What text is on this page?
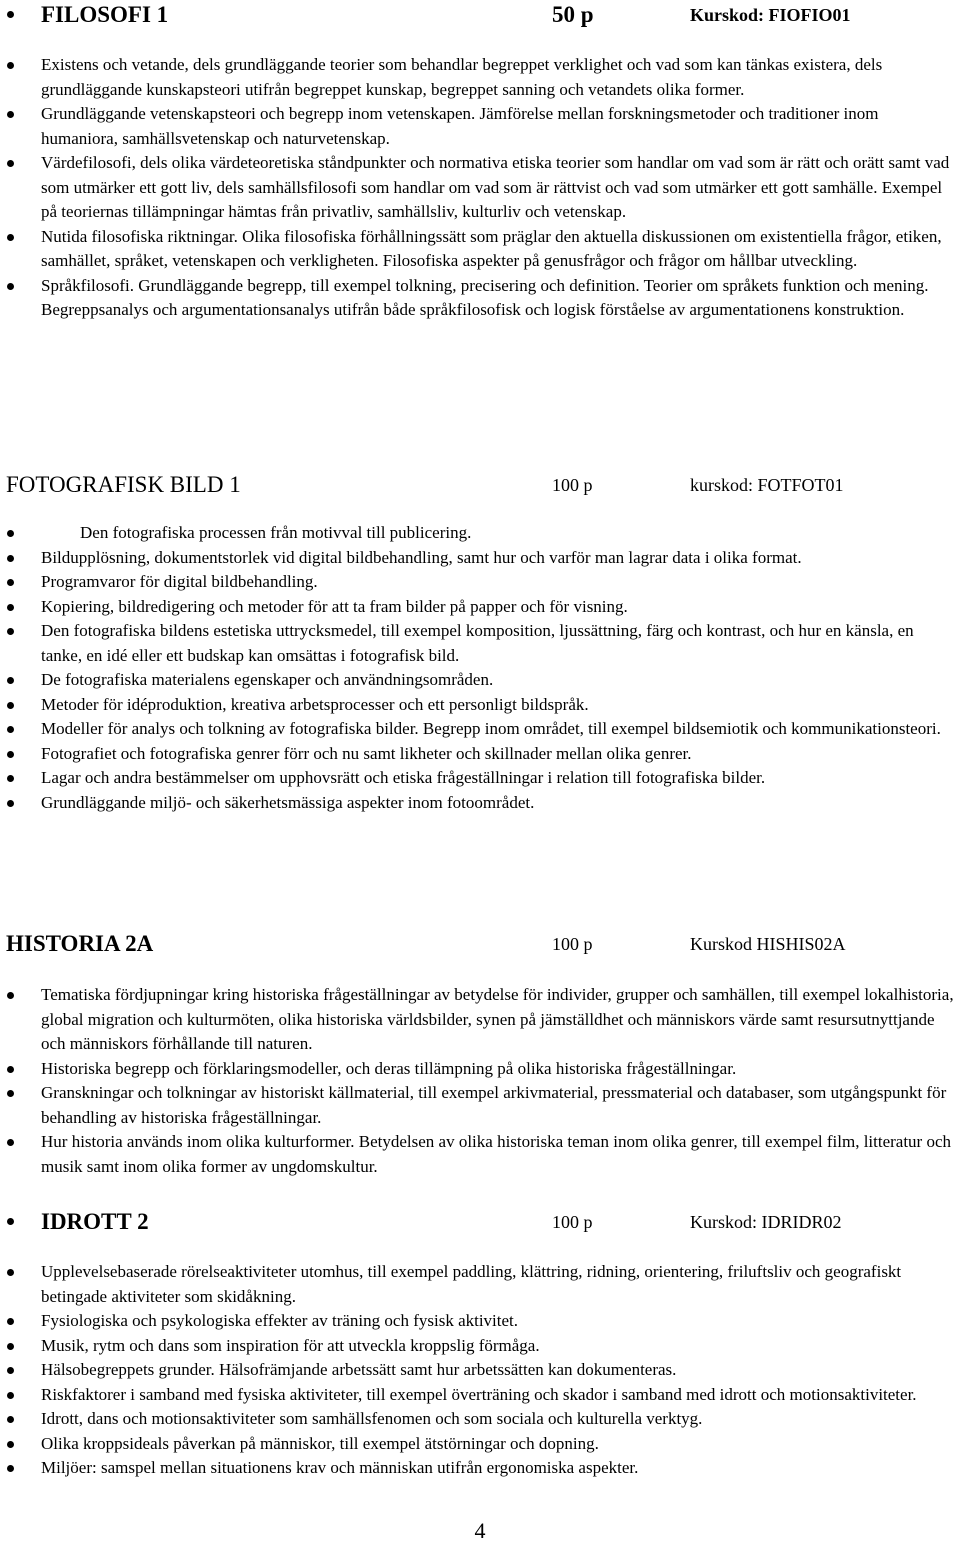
FILOSOFI 1	50 p	Kurskod: FIOFIO01
Existens och vetande, dels grundläggande teorier som behandlar begreppet verklighet och vad som kan tänkas existera, dels grundläggande kunskapsteori utifrån begreppet kunskap, begreppet sanning och vetandets olika former.
Grundläggande vetenskapsteori och begrepp inom vetenskapen. Jämförelse mellan forskningsmetoder och traditioner inom humaniora, samhällsvetenskap och naturvetenskap.
Värdefilosofi, dels olika värdeteoretiska ståndpunkter och normativa etiska teorier som handlar om vad som är rätt och orätt samt vad som utmärker ett gott liv, dels samhällsfilosofi som handlar om vad som är rättvist och vad som utmärker ett gott samhälle. Exempel på teoriernas tillämpningar hämtas från privatliv, samhällsliv, kulturliv och vetenskap.
Nutida filosofiska riktningar. Olika filosofiska förhållningssätt som präglar den aktuella diskussionen om existentiella frågor, etiken, samhället, språket, vetenskapen och verkligheten. Filosofiska aspekter på genusfrågor och frågor om hållbar utveckling.
Språkfilosofi. Grundläggande begrepp, till exempel tolkning, precisering och definition. Teorier om språkets funktion och mening. Begreppsanalys och argumentationsanalys utifrån både språkfilosofisk och logisk förståelse av argumentationens konstruktion.
FOTOGRAFISK BILD 1	100 p	kurskod: FOTFOT01
Den fotografiska processen från motivval till publicering.
Bildupplösning, dokumentstorlek vid digital bildbehandling, samt hur och varför man lagrar data i olika format.
Programvaror för digital bildbehandling.
Kopiering, bildredigering och metoder för att ta fram bilder på papper och för visning.
Den fotografiska bildens estetiska uttrycksmedel, till exempel komposition, ljussättning, färg och kontrast, och hur en känsla, en tanke, en idé eller ett budskap kan omsättas i fotografisk bild.
De fotografiska materialens egenskaper och användningsområden.
Metoder för idéproduktion, kreativa arbetsprocesser och ett personligt bildspråk.
Modeller för analys och tolkning av fotografiska bilder. Begrepp inom området, till exempel bildsemiotik och kommunikationsteori.
Fotografiet och fotografiska genrer förr och nu samt likheter och skillnader mellan olika genrer.
Lagar och andra bestämmelser om upphovsrätt och etiska frågeställningar i relation till fotografiska bilder.
Grundläggande miljö- och säkerhetsmässiga aspekter inom fotoområdet.
HISTORIA 2A	100 p	Kurskod HISHIS02A
Tematiska fördjupningar kring historiska frågeställningar av betydelse för individer, grupper och samhällen, till exempel lokalhistoria, global migration och kulturmöten, olika historiska världsbilder, synen på jämställdhet och människors värde samt resursutnyttjande och människors förhållande till naturen.
Historiska begrepp och förklaringsmodeller, och deras tillämpning på olika historiska frågeställningar.
Granskningar och tolkningar av historiskt källmaterial, till exempel arkivmaterial, pressmaterial och databaser, som utgångspunkt för behandling av historiska frågeställningar.
Hur historia används inom olika kulturformer. Betydelsen av olika historiska teman inom olika genrer, till exempel film, litteratur och musik samt inom olika former av ungdomskultur.
IDROTT 2	100 p	Kurskod: IDRIDR02
Upplevelsebaserade rörelseaktiviteter utomhus, till exempel paddling, klättring, ridning, orientering, friluftsliv och geografiskt betingade aktiviteter som skidåkning.
Fysiologiska och psykologiska effekter av träning och fysisk aktivitet.
Musik, rytm och dans som inspiration för att utveckla kroppslig förmåga.
Hälsobegreppets grunder. Hälsofrämjande arbetssätt samt hur arbetssätten kan dokumenteras.
Riskfaktorer i samband med fysiska aktiviteter, till exempel överträning och skador i samband med idrott och motionsaktiviteter.
Idrott, dans och motionsaktiviteter som samhällsfenomen och som sociala och kulturella verktyg.
Olika kroppsideals påverkan på människor, till exempel ätstörningar och dopning.
Miljöer: samspel mellan situationens krav och människan utifrån ergonomiska aspekter.
4
